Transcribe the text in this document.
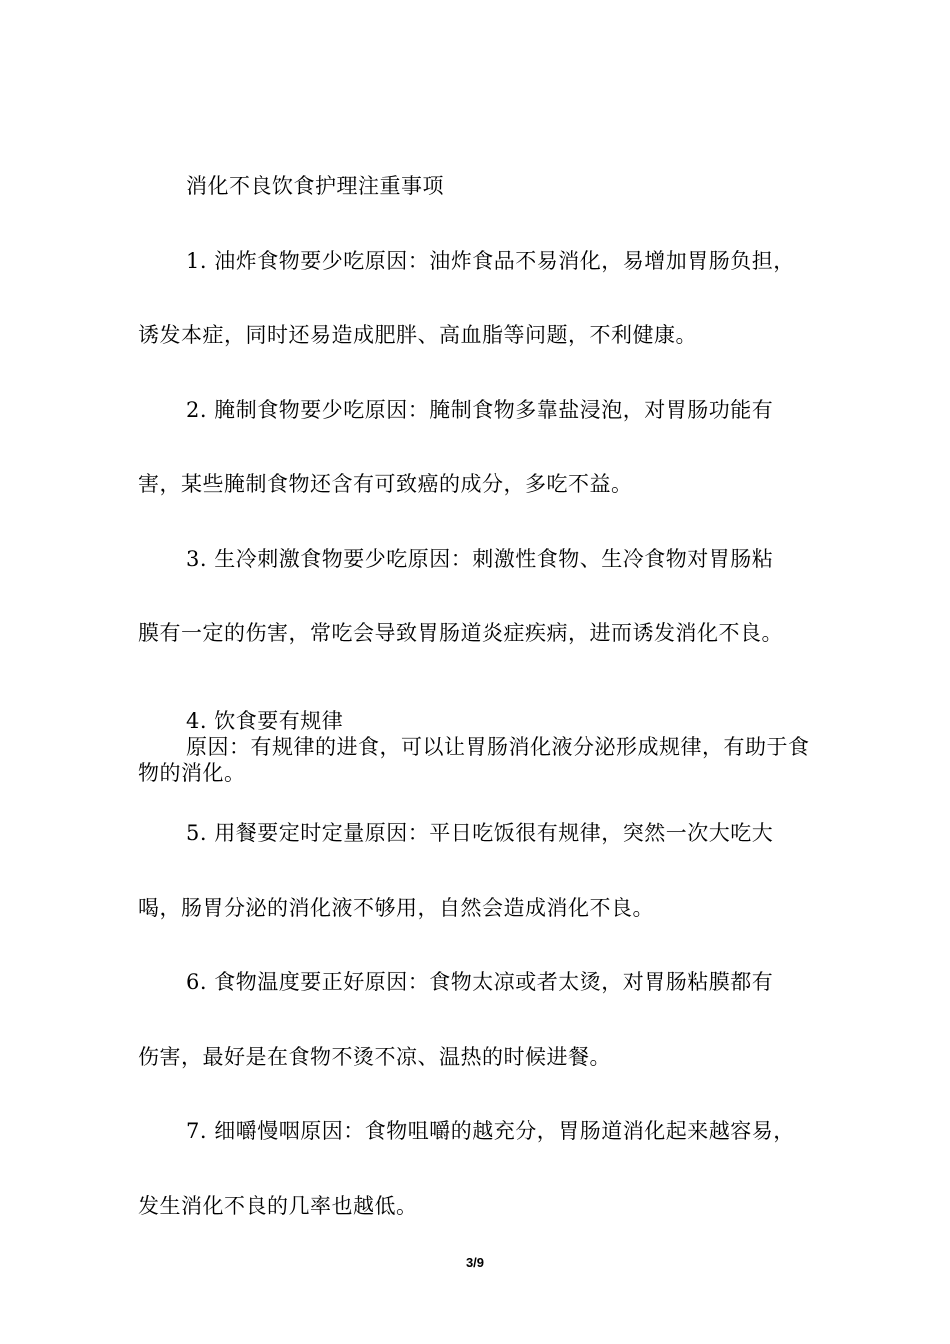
消化不良饮食护理注重事项
1. 油炸食物要少吃原因：油炸食品不易消化，易增加胃肠负担，
诱发本症，同时还易造成肥胖、高血脂等问题，不利健康。
2. 腌制食物要少吃原因：腌制食物多靠盐浸泡，对胃肠功能有
害，某些腌制食物还含有可致癌的成分，多吃不益。
3. 生冷刺激食物要少吃原因：刺激性食物、生冷食物对胃肠粘
膜有一定的伤害，常吃会导致胃肠道炎症疾病，进而诱发消化不良。
4. 饮食要有规律
原因：有规律的进食，可以让胃肠消化液分泌形成规律，有助于食物的消化。
5. 用餐要定时定量原因：平日吃饭很有规律，突然一次大吃大
喝，肠胃分泌的消化液不够用，自然会造成消化不良。
6. 食物温度要正好原因：食物太凉或者太烫，对胃肠粘膜都有
伤害，最好是在食物不烫不凉、温热的时候进餐。
7. 细嚼慢咽原因：食物咀嚼的越充分，胃肠道消化起来越容易，
发生消化不良的几率也越低。
3/9
